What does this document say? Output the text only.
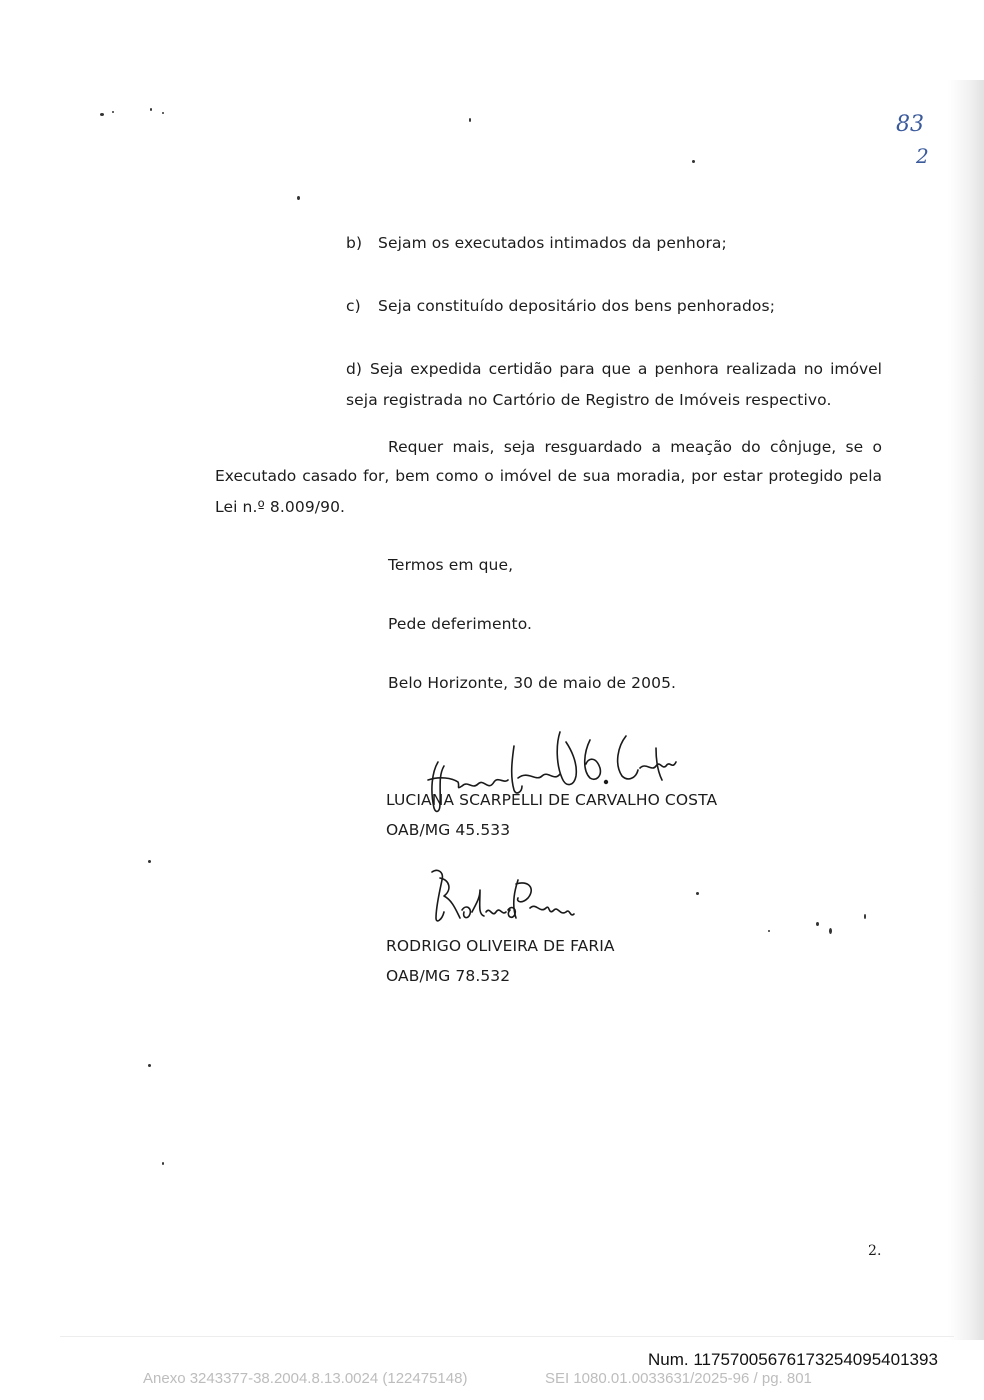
83
2
b) Sejam os executados intimados da penhora;
c) Seja constituído depositário dos bens penhorados;
d) Seja expedida certidão para que a penhora realizada no imóvel
seja registrada no Cartório de Registro de Imóveis respectivo.
Requer mais, seja resguardado a meação do cônjuge, se o
Executado casado for, bem como o imóvel de sua moradia, por estar protegido pela
Lei n.º 8.009/90.
Termos em que,
Pede deferimento.
Belo Horizonte, 30 de maio de 2005.
LUCIANA SCARPELLI DE CARVALHO COSTA
OAB/MG 45.533
RODRIGO OLIVEIRA DE FARIA
OAB/MG 78.532
2.
Num. 11757005676173254095401393
Anexo 3243377-38.2004.8.13.0024 (122475148)	SEI 1080.01.0033631/2025-96 / pg. 801
